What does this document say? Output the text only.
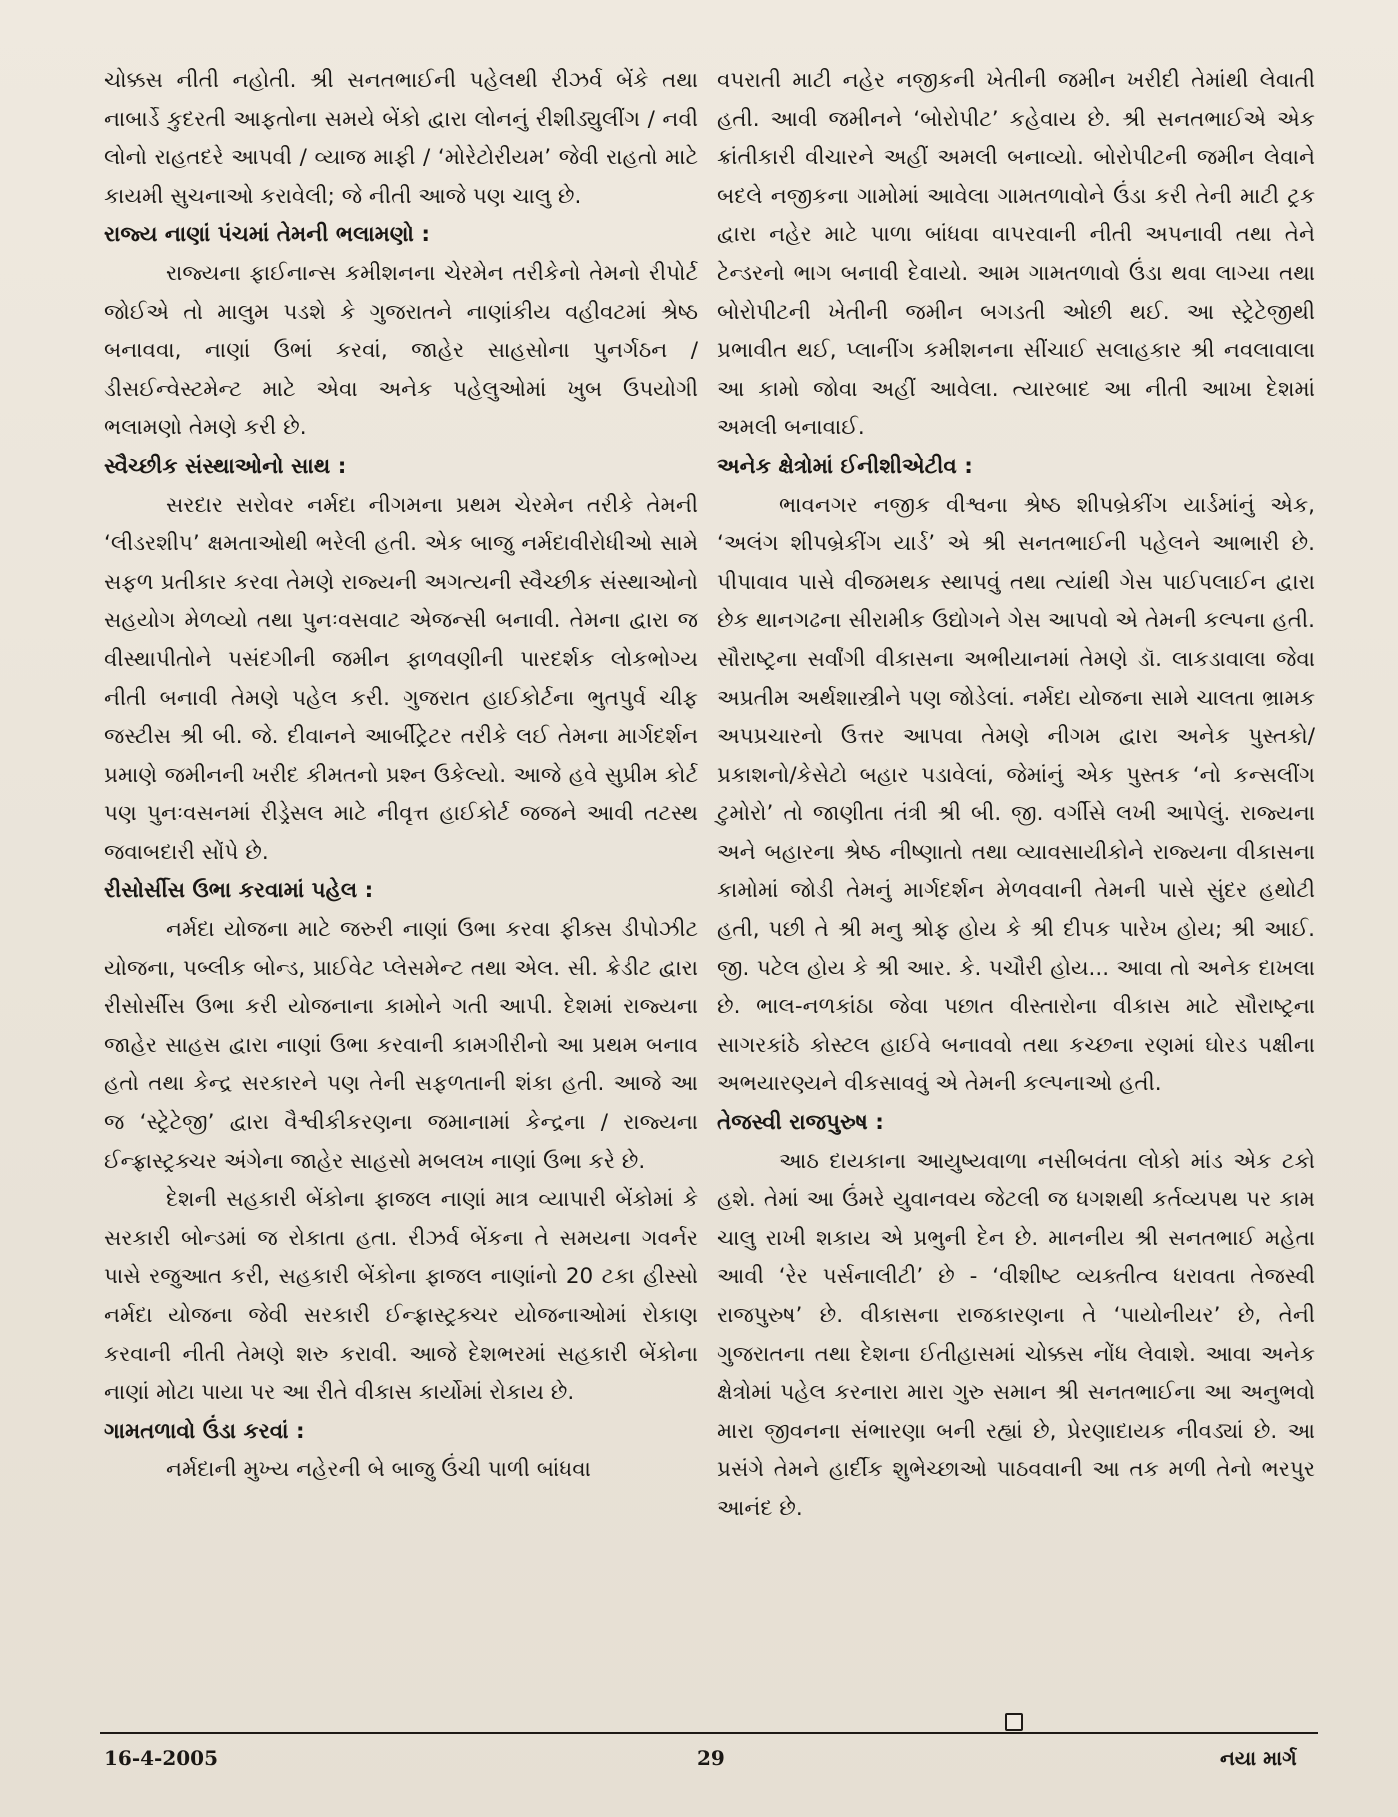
ચોક્કસ નીતી નહોતી. શ્રી સનતભાઈની પહેલથી રીઝર્વ બેંકે તથા નાબાર્ડે કુદરતી આફતોના સમયે બેંકો દ્વારા લોનનું રીશીડ્યુલીંગ / નવી લોનો રાહતદરે આપવી / વ્યાજ માફી / ‘મોરેટોરીયમ’ જેવી રાહતો માટે કાયમી સુચનાઓ કરાવેલી; જે નીતી આજે પણ ચાલુ છે.

રાજ્ય નાણાં પંચમાં તેમની ભલામણો :

રાજ્યના ફાઈનાન્સ કમીશનના ચેરમેન તરીકેનો તેમનો રીપોર્ટ જોઈએ તો માલુમ પડશે કે ગુજરાતને નાણાંકીય વહીવટમાં શ્રેષ્ઠ બનાવવા, નાણાં ઉભાં કરવાં, જાહેર સાહસોના પુનર્ગઠન / ડીસઈન્વેસ્ટમેન્ટ માટે એવા અનેક પહેલુઓમાં ખુબ ઉપયોગી ભલામણો તેમણે કરી છે.

સ્વૈચ્છીક સંસ્થાઓનો સાથ :

સરદાર સરોવર નર્મદા નીગમના પ્રથમ ચેરમેન તરીકે તેમની ‘લીડરશીપ’ ક્ષમતાઓથી ભરેલી હતી. એક બાજુ નર્મદાવીરોધીઓ સામે સફળ પ્રતીકાર કરવા તેમણે રાજ્યની અગત્યની સ્વૈચ્છીક સંસ્થાઓનો સહયોગ મેળવ્યો તથા પુનઃવસવાટ એજન્સી બનાવી. તેમના દ્વારા જ વીસ્થાપીતોને પસંદગીની જમીન ફાળવણીની પારદર્શક લોકભોગ્ય નીતી બનાવી તેમણે પહેલ કરી. ગુજરાત હાઈકોર્ટના ભુતપુર્વ ચીફ જસ્ટીસ શ્રી બી. જે. દીવાનને આર્બીટ્રેટર તરીકે લઈ તેમના માર્ગદર્શન પ્રમાણે જમીનની ખરીદ કીમતનો પ્રશ્ન ઉકેલ્યો. આજે હવે સુપ્રીમ કોર્ટ પણ પુનઃવસનમાં રીડ્રેસલ માટે નીવૃત્ત હાઈકોર્ટ જજને આવી તટસ્થ જવાબદારી સોંપે છે.

રીસોર્સીસ ઉભા કરવામાં પહેલ :

નર્મદા યોજના માટે જરુરી નાણાં ઉભા કરવા ફીક્સ ડીપોઝીટ યોજના, પબ્લીક બોન્ડ, પ્રાઈવેટ પ્લેસમેન્ટ તથા એલ. સી. ક્રેડીટ દ્વારા રીસોર્સીસ ઉભા કરી યોજનાના કામોને ગતી આપી. દેશમાં રાજ્યના જાહેર સાહસ દ્વારા નાણાં ઉભા કરવાની કામગીરીનો આ પ્રથમ બનાવ હતો તથા કેન્દ્ર સરકારને પણ તેની સફળતાની શંકા હતી. આજે આ જ ‘સ્ટ્રેટેજી’ દ્વારા વૈશ્વીકીકરણના જમાનામાં કેન્દ્રના / રાજ્યના ઈન્ફ્રાસ્ટ્રક્ચર અંગેના જાહેર સાહસો મબલખ નાણાં ઉભા કરે છે.

દેશની સહકારી બેંકોના ફાજલ નાણાં માત્ર વ્યાપારી બેંકોમાં કે સરકારી બોન્ડમાં જ રોકાતા હતા. રીઝર્વ બેંકના તે સમયના ગવર્નર પાસે રજુઆત કરી, સહકારી બેંકોના ફાજલ નાણાંનો 20 ટકા હીસ્સો નર્મદા યોજના જેવી સરકારી ઈન્ફ્રાસ્ટ્રક્ચર યોજનાઓમાં રોકાણ કરવાની નીતી તેમણે શરુ કરાવી. આજે દેશભરમાં સહકારી બેંકોના નાણાં મોટા પાયા પર આ રીતે વીકાસ કાર્યોમાં રોકાય છે.

ગામતળાવો ઉંડા કરવાં :

નર્મદાની મુખ્ય નહેરની બે બાજુ ઉંચી પાળી બાંધવા

વપરાતી માટી નહેર નજીકની ખેતીની જમીન ખરીદી તેમાંથી લેવાતી હતી. આવી જમીનને ‘બોરોપીટ’ કહેવાય છે. શ્રી સનતભાઈએ એક ક્રાંતીકારી વીચારને અહીં અમલી બનાવ્યો. બોરોપીટની જમીન લેવાને બદલે નજીકના ગામોમાં આવેલા ગામતળાવોને ઉંડા કરી તેની માટી ટ્રક દ્વારા નહેર માટે પાળા બાંધવા વાપરવાની નીતી અપનાવી તથા તેને ટેન્ડરનો ભાગ બનાવી દેવાયો. આમ ગામતળાવો ઉંડા થવા લાગ્યા તથા બોરોપીટની ખેતીની જમીન બગડતી ઓછી થઈ. આ સ્ટ્રેટેજીથી પ્રભાવીત થઈ, પ્લાનીંગ કમીશનના સીંચાઈ સલાહકાર શ્રી નવલાવાલા આ કામો જોવા અહીં આવેલા. ત્યારબાદ આ નીતી આખા દેશમાં અમલી બનાવાઈ.

અનેક ક્ષેત્રોમાં ઈનીશીએટીવ :

ભાવનગર નજીક વીશ્વના શ્રેષ્ઠ શીપબ્રેકીંગ યાર્ડમાંનું એક, ‘અલંગ શીપબ્રેકીંગ યાર્ડ’ એ શ્રી સનતભાઈની પહેલને આભારી છે. પીપાવાવ પાસે વીજમથક સ્થાપવું તથા ત્યાંથી ગેસ પાઈપલાઈન દ્વારા છેક થાનગઢના સીરામીક ઉદ્યોગને ગેસ આપવો એ તેમની કલ્પના હતી. સૌરાષ્ટ્રના સર્વાંગી વીકાસના અભીયાનમાં તેમણે ડૉ. લાકડાવાલા જેવા અપ્રતીમ અર્થશાસ્ત્રીને પણ જોડેલાં. નર્મદા યોજના સામે ચાલતા ભ્રામક અપપ્રચારનો ઉત્તર આપવા તેમણે નીગમ દ્વારા અનેક પુસ્તકો/ પ્રકાશનો/કેસેટો બહાર પડાવેલાં, જેમાંનું એક પુસ્તક ‘નો કન્સલીંગ ટુમોરો’ તો જાણીતા તંત્રી શ્રી બી. જી. વર્ગીસે લખી આપેલું. રાજ્યના અને બહારના શ્રેષ્ઠ નીષ્ણાતો તથા વ્યાવસાયીકોને રાજ્યના વીકાસના કામોમાં જોડી તેમનું માર્ગદર્શન મેળવવાની તેમની પાસે સુંદર હથોટી હતી, પછી તે શ્રી મનુ શ્રોફ હોય કે શ્રી દીપક પારેખ હોય; શ્રી આઈ. જી. પટેલ હોય કે શ્રી આર. કે. પચૌરી હોય... આવા તો અનેક દાખલા છે. ભાલ-નળકાંઠા જેવા પછાત વીસ્તારોના વીકાસ માટે સૌરાષ્ટ્રના સાગરકાંઠે કોસ્ટલ હાઈવે બનાવવો તથા કચ્છના રણમાં ઘોરડ પક્ષીના અભયારણ્યને વીકસાવવું એ તેમની કલ્પનાઓ હતી.

તેજસ્વી રાજપુરુષ :

આઠ દાયકાના આયુષ્યવાળા નસીબવંતા લોકો માંડ એક ટકો હશે. તેમાં આ ઉંમરે યુવાનવય જેટલી જ ધગશથી કર્તવ્યપથ પર કામ ચાલુ રાખી શકાય એ પ્રભુની દેન છે. માનનીય શ્રી સનતભાઈ મહેતા આવી ‘રેર પર્સનાલીટી’ છે - ‘વીશીષ્ટ વ્યક્તીત્વ ધરાવતા તેજસ્વી રાજપુરુષ’ છે. વીકાસના રાજકારણના તે ‘પાયોનીયર’ છે, તેની ગુજરાતના તથા દેશના ઈતીહાસમાં ચોક્કસ નોંધ લેવાશે. આવા અનેક ક્ષેત્રોમાં પહેલ કરનારા મારા ગુરુ સમાન શ્રી સનતભાઈના આ અનુભવો મારા જીવનના સંભારણા બની રહ્યાં છે, પ્રેરણાદાયક નીવડ્યાં છે. આ પ્રસંગે તેમને હાર્દીક શુભેચ્છાઓ પાઠવવાની આ તક મળી તેનો ભરપુર આનંદ છે.

16-4-2005	29	નયા માર્ગ
